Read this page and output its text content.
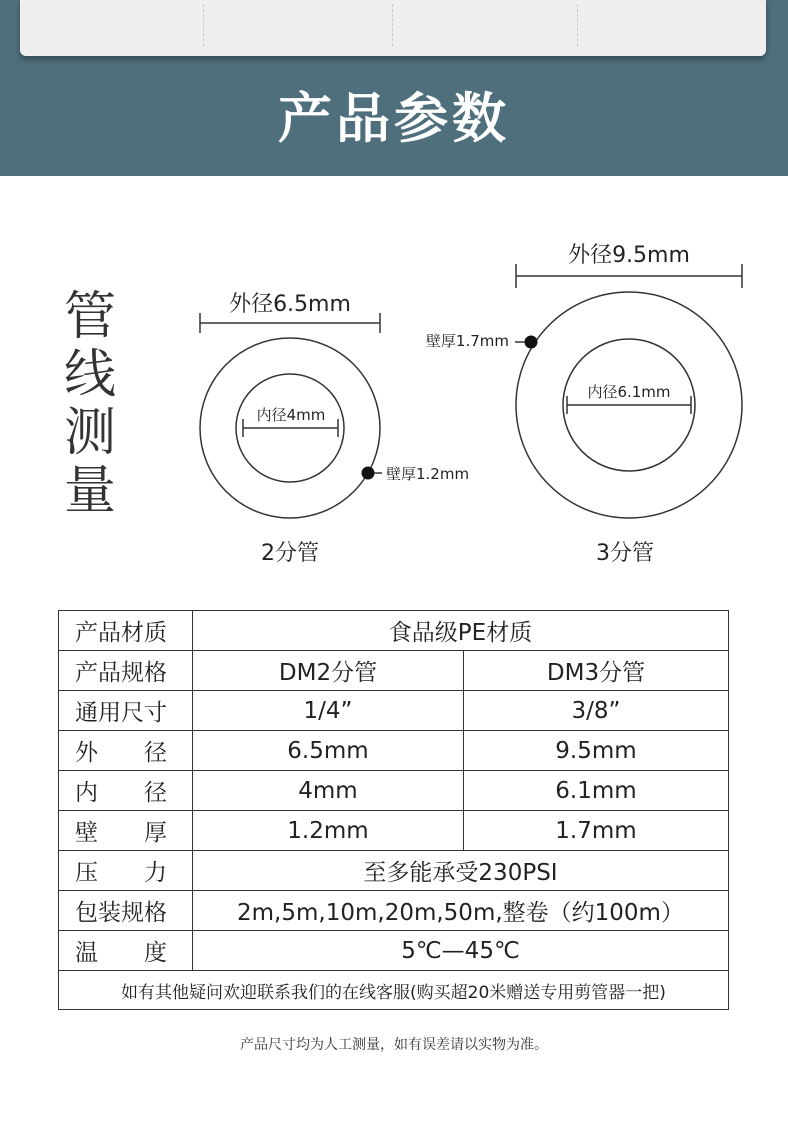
产品参数
管
线
测
量
外径6.5mm
内径4mm
壁厚1.2mm
2分管
外径9.5mm
内径6.1mm
壁厚1.7mm
3分管
产品材质	食品级PE材质	
产品规格	DM2分管	DM3分管
通用尺寸	1/4”	3/8”
外　　径	6.5mm	9.5mm
内　　径	4mm	6.1mm
壁　　厚	1.2mm	1.7mm
压　　力	至多能承受230PSI	
包装规格	2m,5m,10m,20m,50m,整卷（约100m）	
温　　度	5℃—45℃	
如有其他疑问欢迎联系我们的在线客服(购买超20米赠送专用剪管器一把)		
产品尺寸均为人工测量，如有误差请以实物为准。
